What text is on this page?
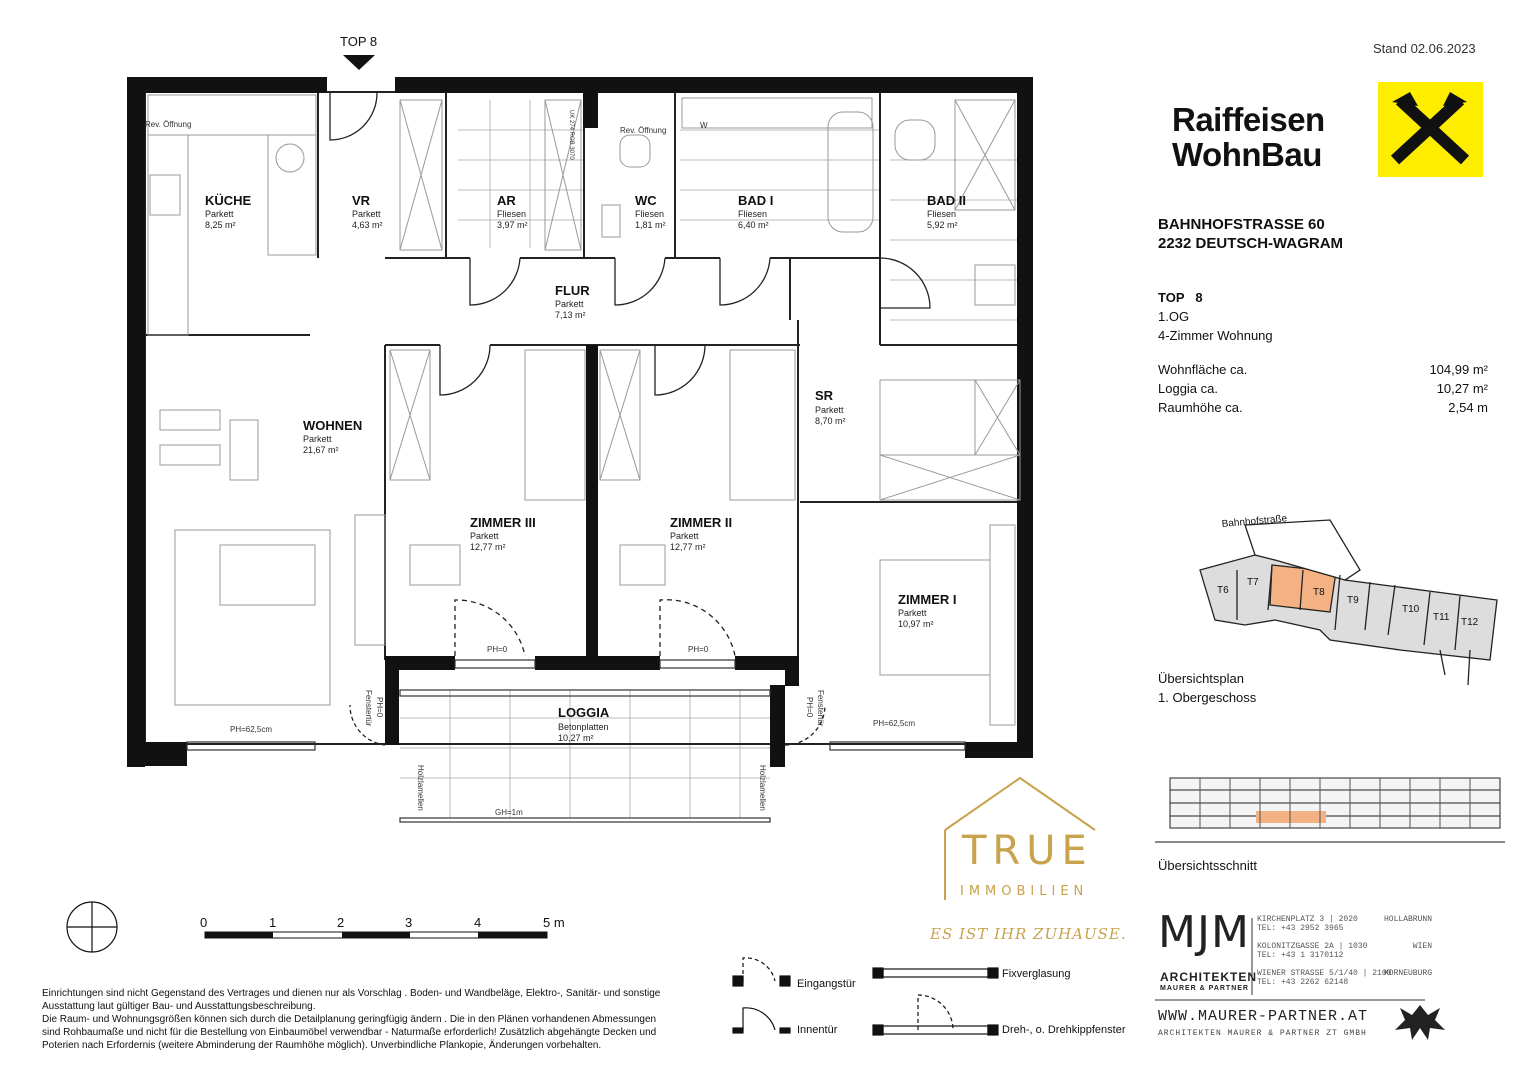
KÜCHE
Parkett
8,25 m²
VR
Parkett
4,63 m²
AR
Fliesen
3,97 m²
WC
Fliesen
1,81 m²
BAD I
Fliesen
6,40 m²
BAD II
Fliesen
5,92 m²
FLUR
Parkett
7,13 m²
WOHNEN
Parkett
21,67 m²
SR
Parkett
8,70 m²
ZIMMER III
Parkett
12,77 m²
ZIMMER II
Parkett
12,77 m²
ZIMMER I
Parkett
10,97 m²
LOGGIA
Betonplatten
10,27 m²
Rev. Öffnung
Rev. Öffnung
PH=0	PH=0
PH=62,5cm
PH=62,5cm
GH=1m
W
Fenstertür PH=0	Fenstertür
PH=0
Holzlamellen	Holzlamellen
UK 274 ROB 3070
Bahnhofstraße
T6
T7
T8
T9
T10
T11 T12
TOP 8	Stand 02.06.2023
Raiffeisen
WohnBau
BAHNHOFSTRASSE 60
2232 DEUTSCH-WAGRAM
TOP 8
1.OG
4-Zimmer Wohnung
Wohnfläche ca.	104,99 m²
Loggia ca.	10,27 m²
Raumhöhe ca.	2,54 m
Übersichtsplan
1. Obergeschoss
Übersichtsschnitt
0	1	2	3	4	5 m
TRUE
IMMOBILIEN
ES IST IHR ZUHAUSE.
Eingangstür
Innentür
Fixverglasung
Dreh-, o. Drehkippfenster
Einrichtungen sind nicht Gegenstand des Vertrages und dienen nur als Vorschlag . Boden- und Wandbeläge, Elektro-, Sanitär- und sonstige
Ausstattung laut gültiger Bau- und Ausstattungsbeschreibung.
Die Raum- und Wohnungsgrößen können sich durch die Detailplanung geringfügig ändern . Die in den Plänen vorhandenen Abmessungen
sind Rohbaumaße und nicht für die Bestellung von Einbaumöbel verwendbar - Naturmaße erforderlich! Zusätzlich abgehängte Decken und
Poterien nach Erfordernis (weitere Abminderung der Raumhöhe möglich). Unverbindliche Plankopie, Änderungen vorbehalten.
MJM
ARCHITEKTEN
MAURER & PARTNER
KIRCHENPLATZ 3 | 2020	HOLLABRUNN
TEL: +43 2952 3965
KOLONITZGASSE 2A | 1030	WIEN
TEL: +43 1 3170112
WIENER STRASSE 5/1/40 | 2100
KORNEUBURG
TEL: +43 2262 62148
WWW.MAURER-PARTNER.AT
ARCHITEKTEN MAURER & PARTNER ZT GMBH
